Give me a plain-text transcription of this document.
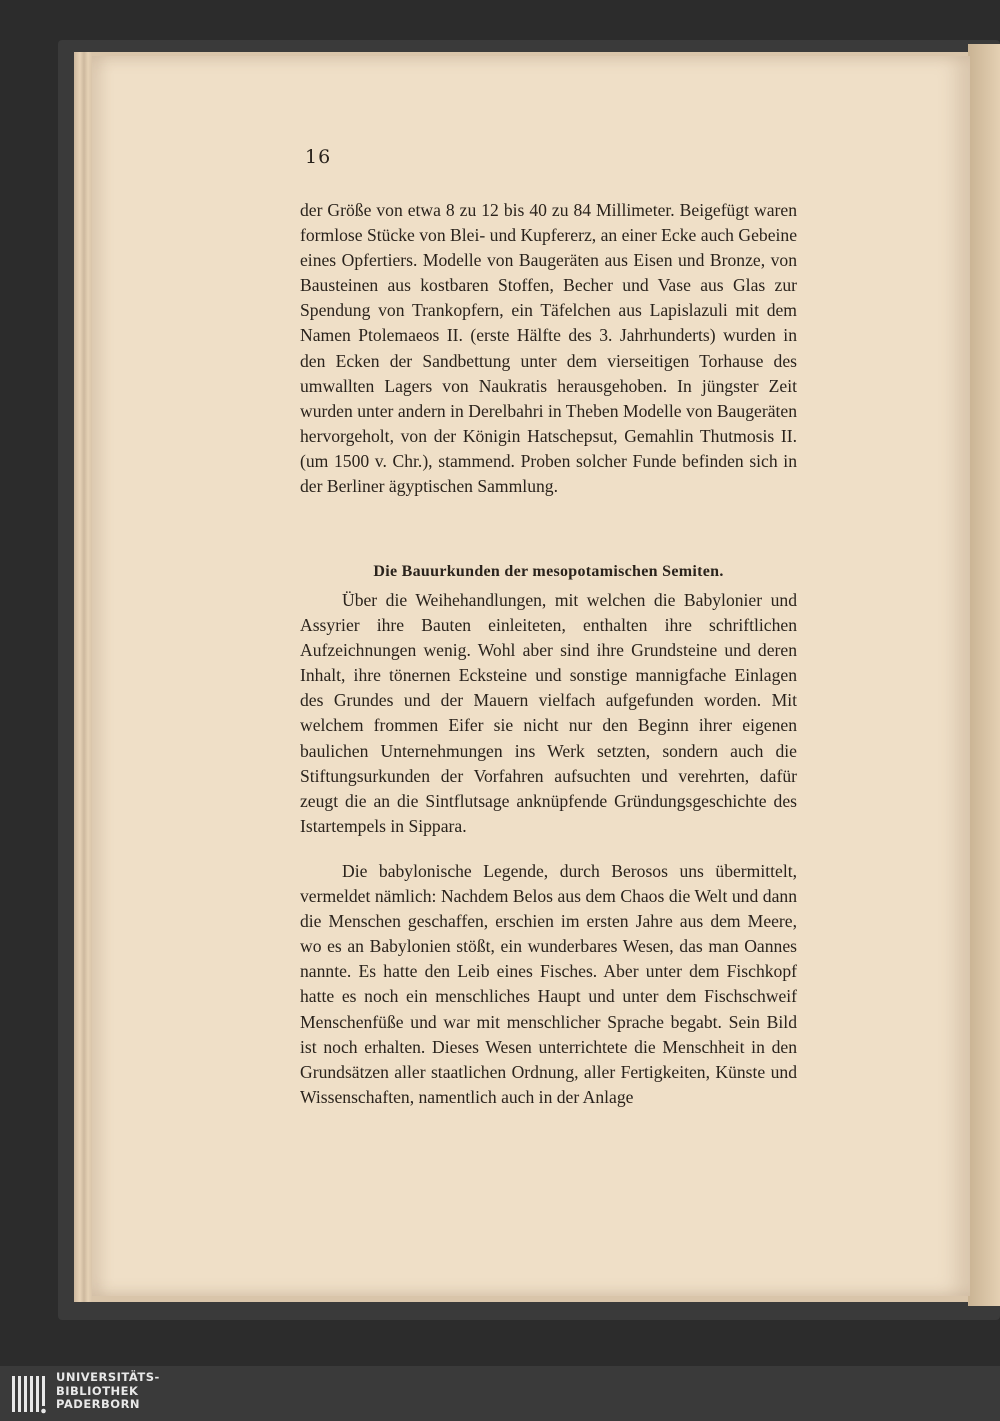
16

der Größe von etwa 8 zu 12 bis 40 zu 84 Millimeter. Beigefügt waren formlose Stücke von Blei- und Kupfererz, an einer Ecke auch Gebeine eines Opfertiers. Modelle von Baugeräten aus Eisen und Bronze, von Bausteinen aus kostbaren Stoffen, Becher und Vase aus Glas zur Spendung von Trankopfern, ein Täfelchen aus Lapislazuli mit dem Namen Ptolemaeos II. (erste Hälfte des 3. Jahrhunderts) wurden in den Ecken der Sandbettung unter dem vierseitigen Torhause des umwallten Lagers von Naukratis herausgehoben. In jüngster Zeit wurden unter andern in Derelbahri in Theben Modelle von Baugeräten hervorgeholt, von der Königin Hatschepsut, Gemahlin Thutmosis II. (um 1500 v. Chr.), stammend. Proben solcher Funde befinden sich in der Berliner ägyptischen Sammlung.

Die Bauurkunden der mesopotamischen Semiten.

Über die Weihehandlungen, mit welchen die Babylonier und Assyrier ihre Bauten einleiteten, enthalten ihre schriftlichen Aufzeichnungen wenig. Wohl aber sind ihre Grundsteine und deren Inhalt, ihre tönernen Ecksteine und sonstige mannigfache Einlagen des Grundes und der Mauern vielfach aufgefunden worden. Mit welchem frommen Eifer sie nicht nur den Beginn ihrer eigenen baulichen Unternehmungen ins Werk setzten, sondern auch die Stiftungsurkunden der Vorfahren aufsuchten und verehrten, dafür zeugt die an die Sintflutsage anknüpfende Gründungsgeschichte des Istartempels in Sippara.

Die babylonische Legende, durch Berosos uns übermittelt, vermeldet nämlich: Nachdem Belos aus dem Chaos die Welt und dann die Menschen geschaffen, erschien im ersten Jahre aus dem Meere, wo es an Babylonien stößt, ein wunderbares Wesen, das man Oannes nannte. Es hatte den Leib eines Fisches. Aber unter dem Fischkopf hatte es noch ein menschliches Haupt und unter dem Fischschweif Menschenfüße und war mit menschlicher Sprache begabt. Sein Bild ist noch erhalten. Dieses Wesen unterrichtete die Menschheit in den Grundsätzen aller staatlichen Ordnung, aller Fertigkeiten, Künste und Wissenschaften, namentlich auch in der Anlage

UNIVERSITÄTS-
BIBLIOTHEK
PADERBORN
